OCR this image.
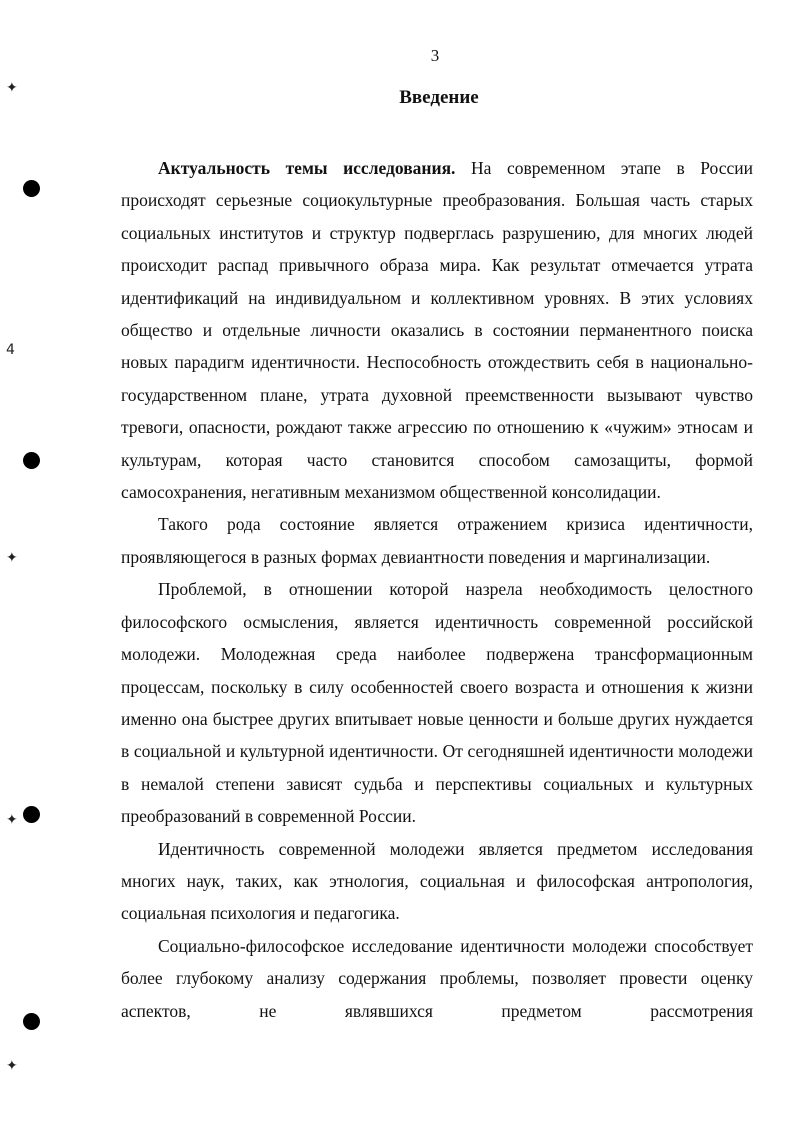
3
Введение

Актуальность темы исследования. На современном этапе в России происходят серьезные социокультурные преобразования. Большая часть старых социальных институтов и структур подверглась разрушению, для многих людей происходит распад привычного образа мира. Как результат отмечается утрата идентификаций на индивидуальном и коллективном уровнях. В этих условиях общество и отдельные личности оказались в состоянии перманентного поиска новых парадигм идентичности. Неспособность отождествить себя в национально-государственном плане, утрата духовной преемственности вызывают чувство тревоги, опасности, рождают также агрессию по отношению к «чужим» этносам и культурам, которая часто становится способом самозащиты, формой самосохранения, негативным механизмом общественной консолидации.

Такого рода состояние является отражением кризиса идентичности, проявляющегося в разных формах девиантности поведения и маргинализации.

Проблемой, в отношении которой назрела необходимость целостного философского осмысления, является идентичность современной российской молодежи. Молодежная среда наиболее подвержена трансформационным процессам, поскольку в силу особенностей своего возраста и отношения к жизни именно она быстрее других впитывает новые ценности и больше других нуждается в социальной и культурной идентичности. От сегодняшней идентичности молодежи в немалой степени зависят судьба и перспективы социальных и культурных преобразований в современной России.

Идентичность современной молодежи является предметом исследования многих наук, таких, как этнология, социальная и философская антропология, социальная психология и педагогика.

Социально-философское исследование идентичности молодежи способствует более глубокому анализу содержания проблемы, позволяет провести оценку аспектов, не являвшихся предметом рассмотрения

✦
4
✦
✦
✦
